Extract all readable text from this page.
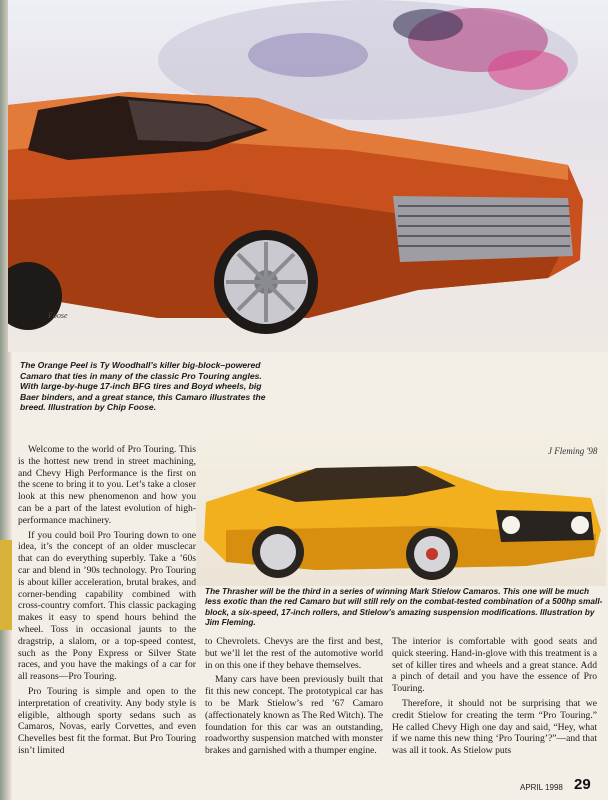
Foose

The Orange Peel is Ty Woodhall’s killer big-block–powered Camaro that ties in many of the classic Pro Touring angles. With large-by-huge 17-inch BFG tires and Boyd wheels, big Baer binders, and a great stance, this Camaro illustrates the breed. Illustration by Chip Foose.

J Fleming '98

The Thrasher will be the third in a series of winning Mark Stielow Camaros. This one will be much less exotic than the red Camaro but will still rely on the combat-tested combination of a 500hp small-block, a six-speed, 17-inch rollers, and Stielow’s amazing suspension modifications. Illustration by Jim Fleming.

Welcome to the world of Pro Touring. This is the hottest new trend in street machining, and Chevy High Performance is the first on the scene to bring it to you. Let’s take a closer look at this new phenomenon and how you can be a part of the latest evolution of high-performance machinery.

If you could boil Pro Touring down to one idea, it’s the concept of an older musclecar that can do everything superbly. Take a ’60s car and blend in ’90s technology. Pro Touring is about killer acceleration, brutal brakes, and corner-bending capability combined with cross-country comfort. This classic packaging makes it easy to spend hours behind the wheel. Toss in occasional jaunts to the dragstrip, a slalom, or a top-speed contest, such as the Pony Express or Silver State races, and you have the makings of a car for all reasons—Pro Touring.

Pro Touring is simple and open to the interpretation of creativity. Any body style is eligible, although sporty sedans such as Camaros, Novas, early Corvettes, and even Chevelles best fit the format. But Pro Touring isn’t limited

to Chevrolets. Chevys are the first and best, but we’ll let the rest of the automotive world in on this one if they behave themselves.

Many cars have been previously built that fit this new concept. The prototypical car has to be Mark Stielow’s red ’67 Camaro (affectionately known as The Red Witch). The foundation for this car was an outstanding, roadworthy suspension matched with monster brakes and garnished with a thumper engine.

The interior is comfortable with good seats and quick steering. Hand-in-glove with this treatment is a set of killer tires and wheels and a great stance. Add a pinch of detail and you have the essence of Pro Touring.

Therefore, it should not be surprising that we credit Stielow for creating the term “Pro Touring.” He called Chevy High one day and said, “Hey, what if we name this new thing ‘Pro Touring’?”—and that was all it took. As Stielow puts

APRIL 1998 29
